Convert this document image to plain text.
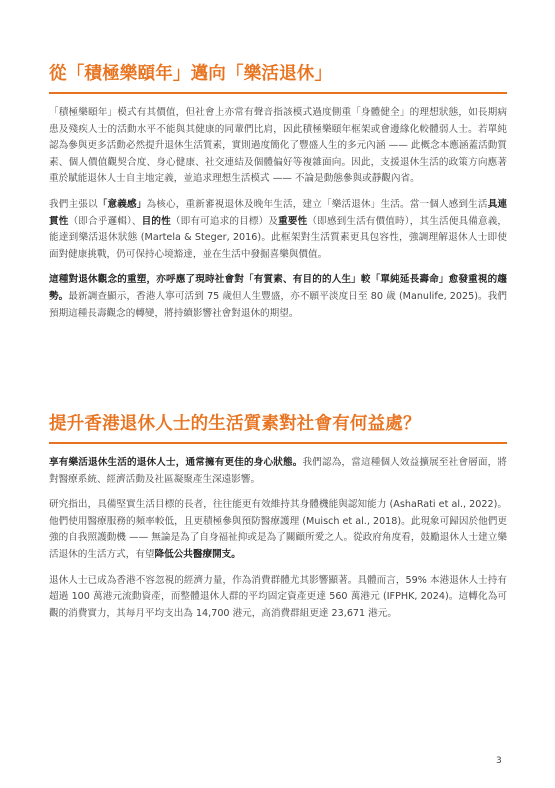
從「積極樂頤年」邁向「樂活退休」

「積極樂頤年」模式有其價值，但社會上亦常有聲音指該模式過度側重「身體健全」的理想狀態，如長期病患及殘疾人士的活動水平不能與其健康的同輩們比肩，因此積極樂頤年框架或會邊緣化較體弱人士。若單純認為參與更多活動必然提升退休生活質素，實則過度簡化了豐盛人生的多元內涵 —— 此概念本應涵蓋活動質素、個人價值觀契合度、身心健康、社交連結及個體偏好等複雜面向。因此，支援退休生活的政策方向應著重於賦能退休人士自主地定義，並追求理想生活模式 —— 不論是動態參與或靜觀內省。

我們主張以「意義感」為核心，重新審視退休及晚年生活，建立「樂活退休」生活。當一個人感到生活具連貫性（即合乎邏輯）、目的性（即有可追求的目標）及重要性（即感到生活有價值時），其生活便具備意義，能達到樂活退休狀態 (Martela & Steger, 2016)。此框架對生活質素更具包容性，強調理解退休人士即使面對健康挑戰，仍可保持心境豁達，並在生活中發掘喜樂與價值。

這種對退休觀念的重塑，亦呼應了現時社會對「有質素、有目的的人生」較「單純延長壽命」愈發重視的趨勢。最新調查顯示，香港人寧可活到 75 歲但人生豐盛，亦不願平淡度日至 80 歲 (Manulife, 2025)。我們預期這種長壽觀念的轉變，將持續影響社會對退休的期望。

提升香港退休人士的生活質素對社會有何益處？

享有樂活退休生活的退休人士，通常擁有更佳的身心狀態。我們認為，當這種個人效益擴展至社會層面，將對醫療系統、經濟活動及社區凝聚產生深遠影響。

研究指出，具備堅實生活目標的長者，往往能更有效維持其身體機能與認知能力 (AshaRati et al., 2022)。他們使用醫療服務的頻率較低，且更積極參與預防醫療護理 (Muisch et al., 2018)。此現象可歸因於他們更強的自我照護動機 —— 無論是為了自身福祉抑或是為了關顧所愛之人。從政府角度看，鼓勵退休人士建立樂活退休的生活方式，有望降低公共醫療開支。

退休人士已成為香港不容忽視的經濟力量，作為消費群體尤其影響顯著。具體而言，59% 本港退休人士持有超過 100 萬港元流動資產，而整體退休人群的平均固定資產更達 560 萬港元 (IFPHK, 2024)。這轉化為可觀的消費實力，其每月平均支出為 14,700 港元，高消費群組更達 23,671 港元。

3
